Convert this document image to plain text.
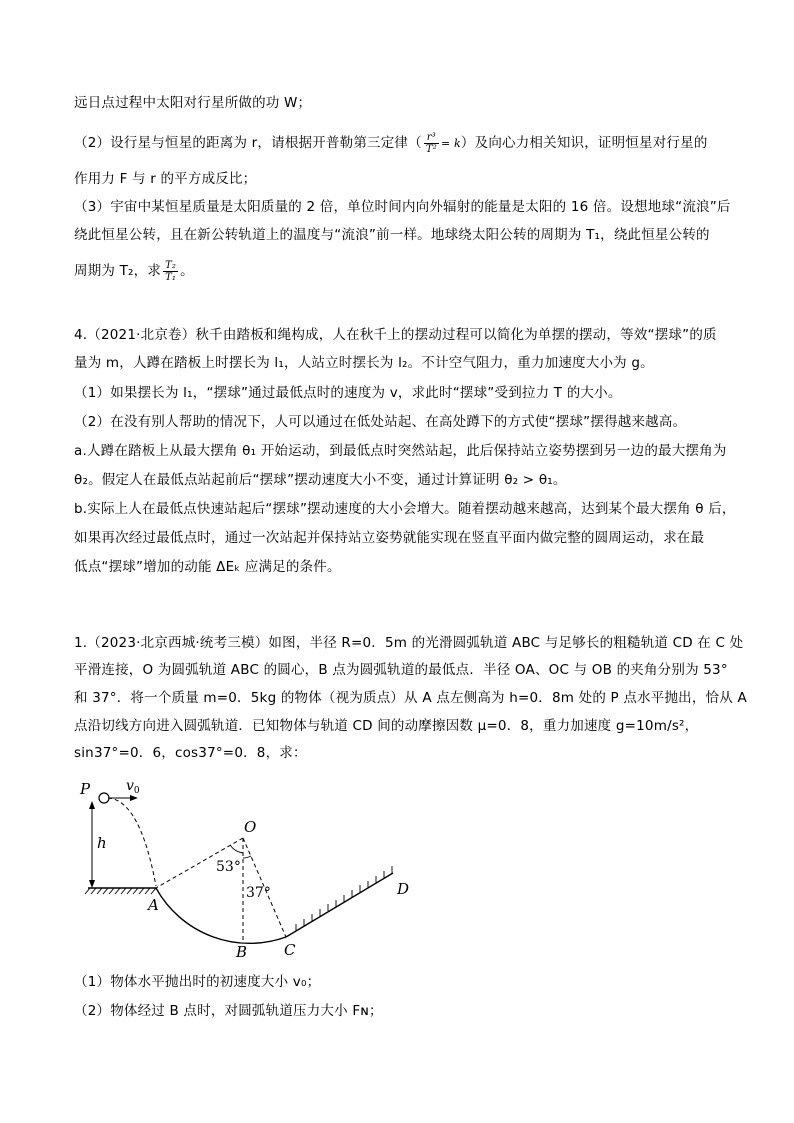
远日点过程中太阳对行星所做的功 W；
（2）设行星与恒星的距离为 r，请根据开普勒第三定律（ $\frac{\text{r³}}{\text{T²}} = k$）及向心力相关知识，证明恒星对行星的
作用力 F 与 r 的平方成反比；
（3）宇宙中某恒星质量是太阳质量的 2 倍，单位时间内向外辐射的能量是太阳的 16 倍。设想地球“流浪”后
绕此恒星公转，且在新公转轨道上的温度与“流浪”前一样。地球绕太阳公转的周期为 T₁，绕此恒星公转的
周期为 T₂，求 $\frac{\text{T₂}}{\text{T₁}}$ 。
4.（2021·北京卷）秋千由踏板和绳构成，人在秋千上的摆动过程可以简化为单摆的摆动，等效“摆球”的质
量为 m，人蹲在踏板上时摆长为 l₁，人站立时摆长为 l₂。不计空气阻力，重力加速度大小为 g。
（1）如果摆长为 l₁，“摆球”通过最低点时的速度为 v，求此时“摆球”受到拉力 T 的大小。
（2）在没有别人帮助的情况下，人可以通过在低处站起、在高处蹲下的方式使“摆球”摆得越来越高。
a.人蹲在踏板上从最大摆角 θ₁ 开始运动，到最低点时突然站起，此后保持站立姿势摆到另一边的最大摆角为
θ₂。假定人在最低点站起前后“摆球”摆动速度大小不变，通过计算证明 θ₂ > θ₁。
b.实际上人在最低点快速站起后“摆球”摆动速度的大小会增大。随着摆动越来越高，达到某个最大摆角 θ 后，
如果再次经过最低点时，通过一次站起并保持站立姿势就能实现在竖直平面内做完整的圆周运动，求在最
低点“摆球”增加的动能 ΔEₖ 应满足的条件。
1.（2023·北京西城·统考三模）如图，半径 R=0．5m 的光滑圆弧轨道 ABC 与足够长的粗糙轨道 CD 在 C 处
平滑连接，O 为圆弧轨道 ABC 的圆心，B 点为圆弧轨道的最低点．半径 OA、OC 与 OB 的夹角分别为 53°
和 37°．将一个质量 m=0．5kg 的物体（视为质点）从 A 点左侧高为 h=0．8m 处的 P 点水平抛出，恰从 A
点沿切线方向进入圆弧轨道．已知物体与轨道 CD 间的动摩擦因数 μ=0．8，重力加速度 g=10m/s²，
sin37°=0．6，cos37°=0．8，求：
h
P	$v_0$
O
53°
37°
A
B C
D
（1）物体水平抛出时的初速度大小 v₀；
（2）物体经过 B 点时，对圆弧轨道压力大小 Fɴ；
